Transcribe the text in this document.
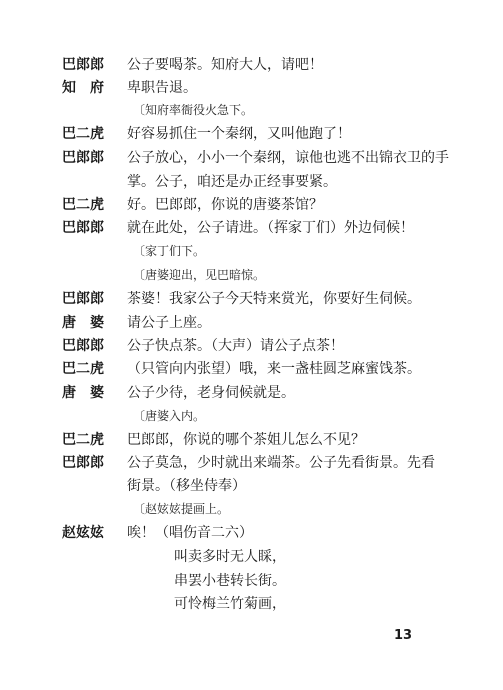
巴郎郎	公子要喝茶。知府大人，请吧！
知　府	卑职告退。
〔知府率衙役火急下。
巴二虎	好容易抓住一个秦纲，又叫他跑了！
巴郎郎	公子放心，小小一个秦纲，谅他也逃不出锦衣卫的手
掌。公子，咱还是办正经事要紧。
巴二虎	好。巴郎郎，你说的唐婆茶馆？
巴郎郎	就在此处，公子请进。（挥家丁们）外边伺候！
〔家丁们下。
〔唐婆迎出，见巴暗惊。
巴郎郎	茶婆！我家公子今天特来赏光，你要好生伺候。
唐　婆	请公子上座。
巴郎郎	公子快点茶。（大声）请公子点茶！
巴二虎	（只管向内张望）哦，来一盏桂圆芝麻蜜饯茶。
唐　婆	公子少待，老身伺候就是。
〔唐婆入内。
巴二虎	巴郎郎，你说的哪个茶姐儿怎么不见？
巴郎郎	公子莫急，少时就出来端茶。公子先看街景。先看
街景。（移坐侍奉）
〔赵妶妶提画上。
赵妶妶	唉！（唱伤音二六）
叫卖多时无人睬，
串罢小巷转长街。
可怜梅兰竹菊画，
13
